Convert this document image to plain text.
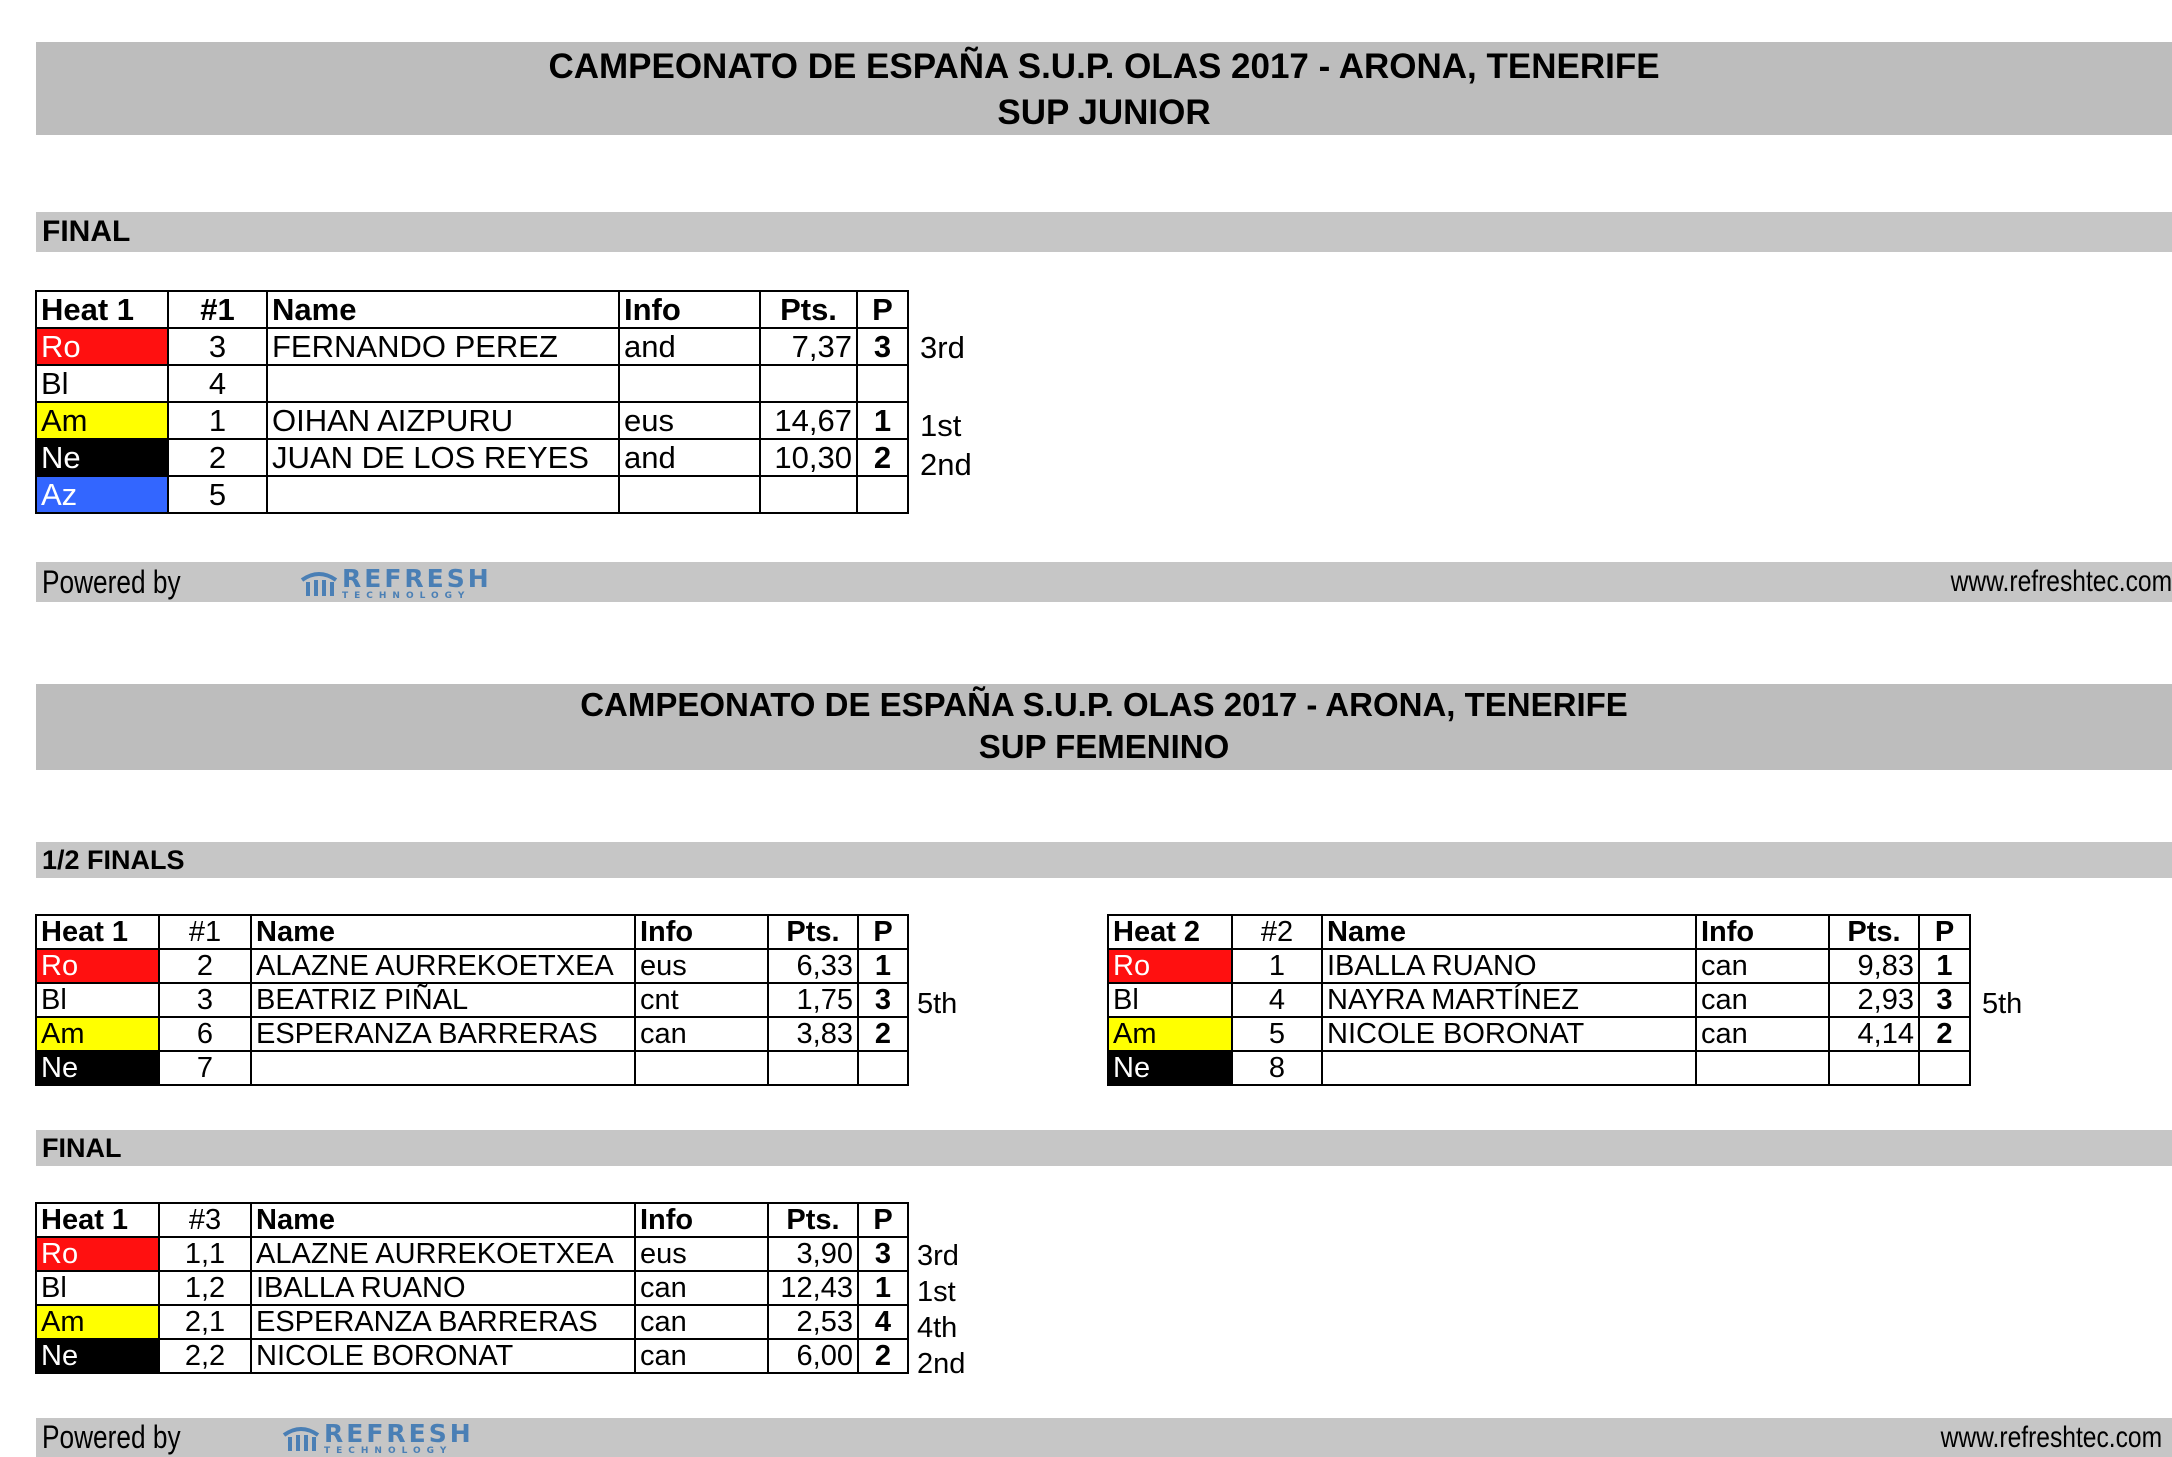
CAMPEONATO DE ESPAÑA S.U.P. OLAS 2017 - ARONA, TENERIFE
SUP JUNIOR
FINAL
Heat 1	#1	Name	Info	Pts.	P
Ro	3	FERNANDO PEREZ	and	7,37	3
Bl	4				
Am	1	OIHAN AIZPURU	eus	14,67	1
Ne	2	JUAN DE LOS REYES	and	10,30	2
Az	5				
3rd
1st
2nd
Powered by	www.refreshtec.com
REFRESH
TECHNOLOGY
CAMPEONATO DE ESPAÑA S.U.P. OLAS 2017 - ARONA, TENERIFE
SUP FEMENINO
1/2 FINALS
Heat 1	#1	Name	Info	Pts.	P
Ro	2	ALAZNE AURREKOETXEA	eus	6,33	1
Bl	3	BEATRIZ PIÑAL	cnt	1,75	3
Am	6	ESPERANZA BARRERAS	can	3,83	2
Ne	7				
5th
Heat 2	#2	Name	Info	Pts.	P
Ro	1	IBALLA RUANO	can	9,83	1
Bl	4	NAYRA MARTÍNEZ	can	2,93	3
Am	5	NICOLE BORONAT	can	4,14	2
Ne	8				
5th
FINAL
Heat 1	#3	Name	Info	Pts.	P
Ro	1,1	ALAZNE AURREKOETXEA	eus	3,90	3
Bl	1,2	IBALLA RUANO	can	12,43	1
Am	2,1	ESPERANZA BARRERAS	can	2,53	4
Ne	2,2	NICOLE BORONAT	can	6,00	2
3rd
1st
4th
2nd
Powered by	www.refreshtec.com
REFRESH
TECHNOLOGY
